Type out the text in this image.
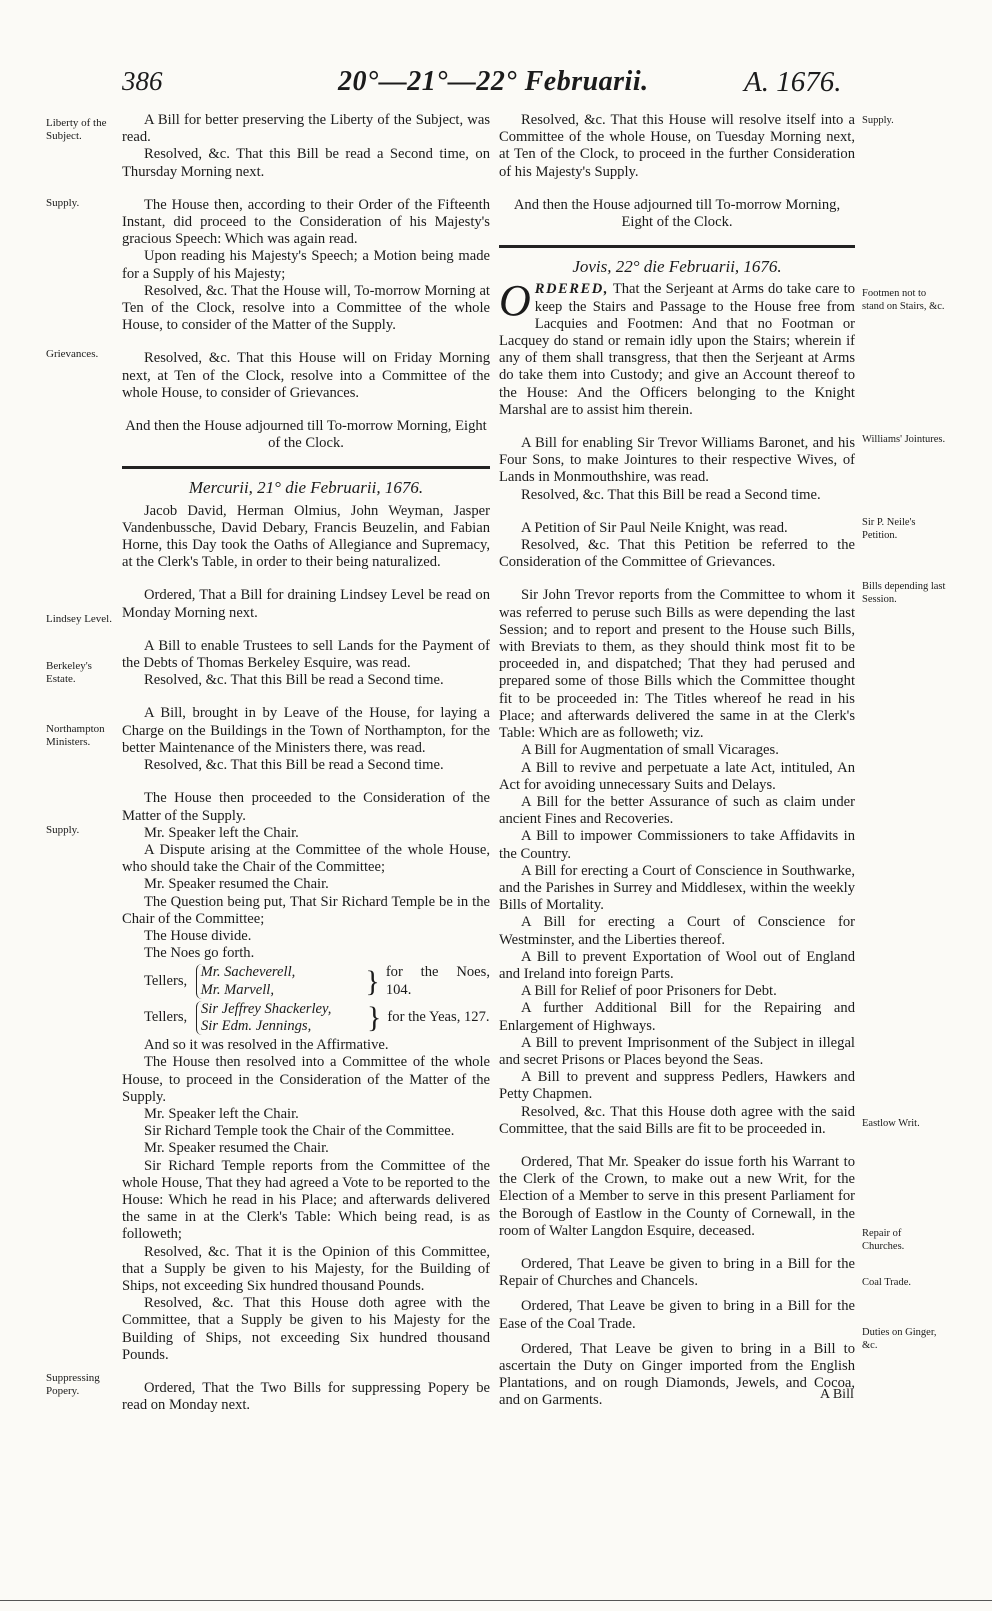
386	20°—21°—22° Februarii.	A. 1676.
Liberty of the Subject.
Supply.
Grievances.
Lindsey Level.
Berkeley's Estate.
Northampton Ministers.
Supply.
Suppressing Popery.
Supply.
Footmen not to stand on Stairs, &c.
Williams' Jointures.
Sir P. Neile's Petition.
Bills depending last Session.
Eastlow Writ.
Repair of Churches.
Coal Trade.
Duties on Ginger, &c.

A Bill for better preserving the Liberty of the Subject, was read.

Resolved, &c. That this Bill be read a Second time, on Thursday Morning next.

The House then, according to their Order of the Fifteenth Instant, did proceed to the Consideration of his Majesty's gracious Speech: Which was again read.

Upon reading his Majesty's Speech; a Motion being made for a Supply of his Majesty;

Resolved, &c. That the House will, To-morrow Morning at Ten of the Clock, resolve into a Committee of the whole House, to consider of the Matter of the Supply.

Resolved, &c. That this House will on Friday Morning next, at Ten of the Clock, resolve into a Committee of the whole House, to consider of Grievances.

And then the House adjourned till To-morrow Morning, Eight of the Clock.

Mercurii, 21° die Februarii, 1676.

Jacob David, Herman Olmius, John Weyman, Jasper Vandenbussche, David Debary, Francis Beuzelin, and Fabian Horne, this Day took the Oaths of Allegiance and Supremacy, at the Clerk's Table, in order to their being naturalized.

Ordered, That a Bill for draining Lindsey Level be read on Monday Morning next.

A Bill to enable Trustees to sell Lands for the Payment of the Debts of Thomas Berkeley Esquire, was read.

Resolved, &c. That this Bill be read a Second time.

A Bill, brought in by Leave of the House, for laying a Charge on the Buildings in the Town of Northampton, for the better Maintenance of the Ministers there, was read.

Resolved, &c. That this Bill be read a Second time.

The House then proceeded to the Consideration of the Matter of the Supply.

Mr. Speaker left the Chair.

A Dispute arising at the Committee of the whole House, who should take the Chair of the Committee;

Mr. Speaker resumed the Chair.

The Question being put, That Sir Richard Temple be in the Chair of the Committee;

The House divide.

The Noes go forth.

Tellers,
Mr. Sacheverell,
Mr. Marvell,	} for the Noes, 104.
Tellers,
Sir Jeffrey Shackerley,
Sir Edm. Jennings,	} for the Yeas, 127.

And so it was resolved in the Affirmative.

The House then resolved into a Committee of the whole House, to proceed in the Consideration of the Matter of the Supply.

Mr. Speaker left the Chair.

Sir Richard Temple took the Chair of the Committee.

Mr. Speaker resumed the Chair.

Sir Richard Temple reports from the Committee of the whole House, That they had agreed a Vote to be reported to the House: Which he read in his Place; and afterwards delivered the same in at the Clerk's Table: Which being read, is as followeth;

Resolved, &c. That it is the Opinion of this Committee, that a Supply be given to his Majesty, for the Building of Ships, not exceeding Six hundred thousand Pounds.

Resolved, &c. That this House doth agree with the Committee, that a Supply be given to his Majesty for the Building of Ships, not exceeding Six hundred thousand Pounds.

Ordered, That the Two Bills for suppressing Popery be read on Monday next.

Resolved, &c. That this House will resolve itself into a Committee of the whole House, on Tuesday Morning next, at Ten of the Clock, to proceed in the further Consideration of his Majesty's Supply.

And then the House adjourned till To-morrow Morning, Eight of the Clock.

Jovis, 22° die Februarii, 1676.

ORDERED, That the Serjeant at Arms do take care to keep the Stairs and Passage to the House free from Lacquies and Footmen: And that no Footman or Lacquey do stand or remain idly upon the Stairs; wherein if any of them shall transgress, that then the Serjeant at Arms do take them into Custody; and give an Account thereof to the House: And the Officers belonging to the Knight Marshal are to assist him therein.

A Bill for enabling Sir Trevor Williams Baronet, and his Four Sons, to make Jointures to their respective Wives, of Lands in Monmouthshire, was read.

Resolved, &c. That this Bill be read a Second time.

A Petition of Sir Paul Neile Knight, was read.

Resolved, &c. That this Petition be referred to the Consideration of the Committee of Grievances.

Sir John Trevor reports from the Committee to whom it was referred to peruse such Bills as were depending the last Session; and to report and present to the House such Bills, with Breviats to them, as they should think most fit to be proceeded in, and dispatched; That they had perused and prepared some of those Bills which the Committee thought fit to be proceeded in: The Titles whereof he read in his Place; and afterwards delivered the same in at the Clerk's Table: Which are as followeth; viz.

A Bill for Augmentation of small Vicarages.

A Bill to revive and perpetuate a late Act, intituled, An Act for avoiding unnecessary Suits and Delays.

A Bill for the better Assurance of such as claim under ancient Fines and Recoveries.

A Bill to impower Commissioners to take Affidavits in the Country.

A Bill for erecting a Court of Conscience in Southwarke, and the Parishes in Surrey and Middlesex, within the weekly Bills of Mortality.

A Bill for erecting a Court of Conscience for Westminster, and the Liberties thereof.

A Bill to prevent Exportation of Wool out of England and Ireland into foreign Parts.

A Bill for Relief of poor Prisoners for Debt.

A further Additional Bill for the Repairing and Enlargement of Highways.

A Bill to prevent Imprisonment of the Subject in illegal and secret Prisons or Places beyond the Seas.

A Bill to prevent and suppress Pedlers, Hawkers and Petty Chapmen.

Resolved, &c. That this House doth agree with the said Committee, that the said Bills are fit to be proceeded in.

Ordered, That Mr. Speaker do issue forth his Warrant to the Clerk of the Crown, to make out a new Writ, for the Election of a Member to serve in this present Parliament for the Borough of Eastlow in the County of Cornewall, in the room of Walter Langdon Esquire, deceased.

Ordered, That Leave be given to bring in a Bill for the Repair of Churches and Chancels.

Ordered, That Leave be given to bring in a Bill for the Ease of the Coal Trade.

Ordered, That Leave be given to bring in a Bill to ascertain the Duty on Ginger imported from the English Plantations, and on rough Diamonds, Jewels, and Cocoa, and on Garments.	A Bill
